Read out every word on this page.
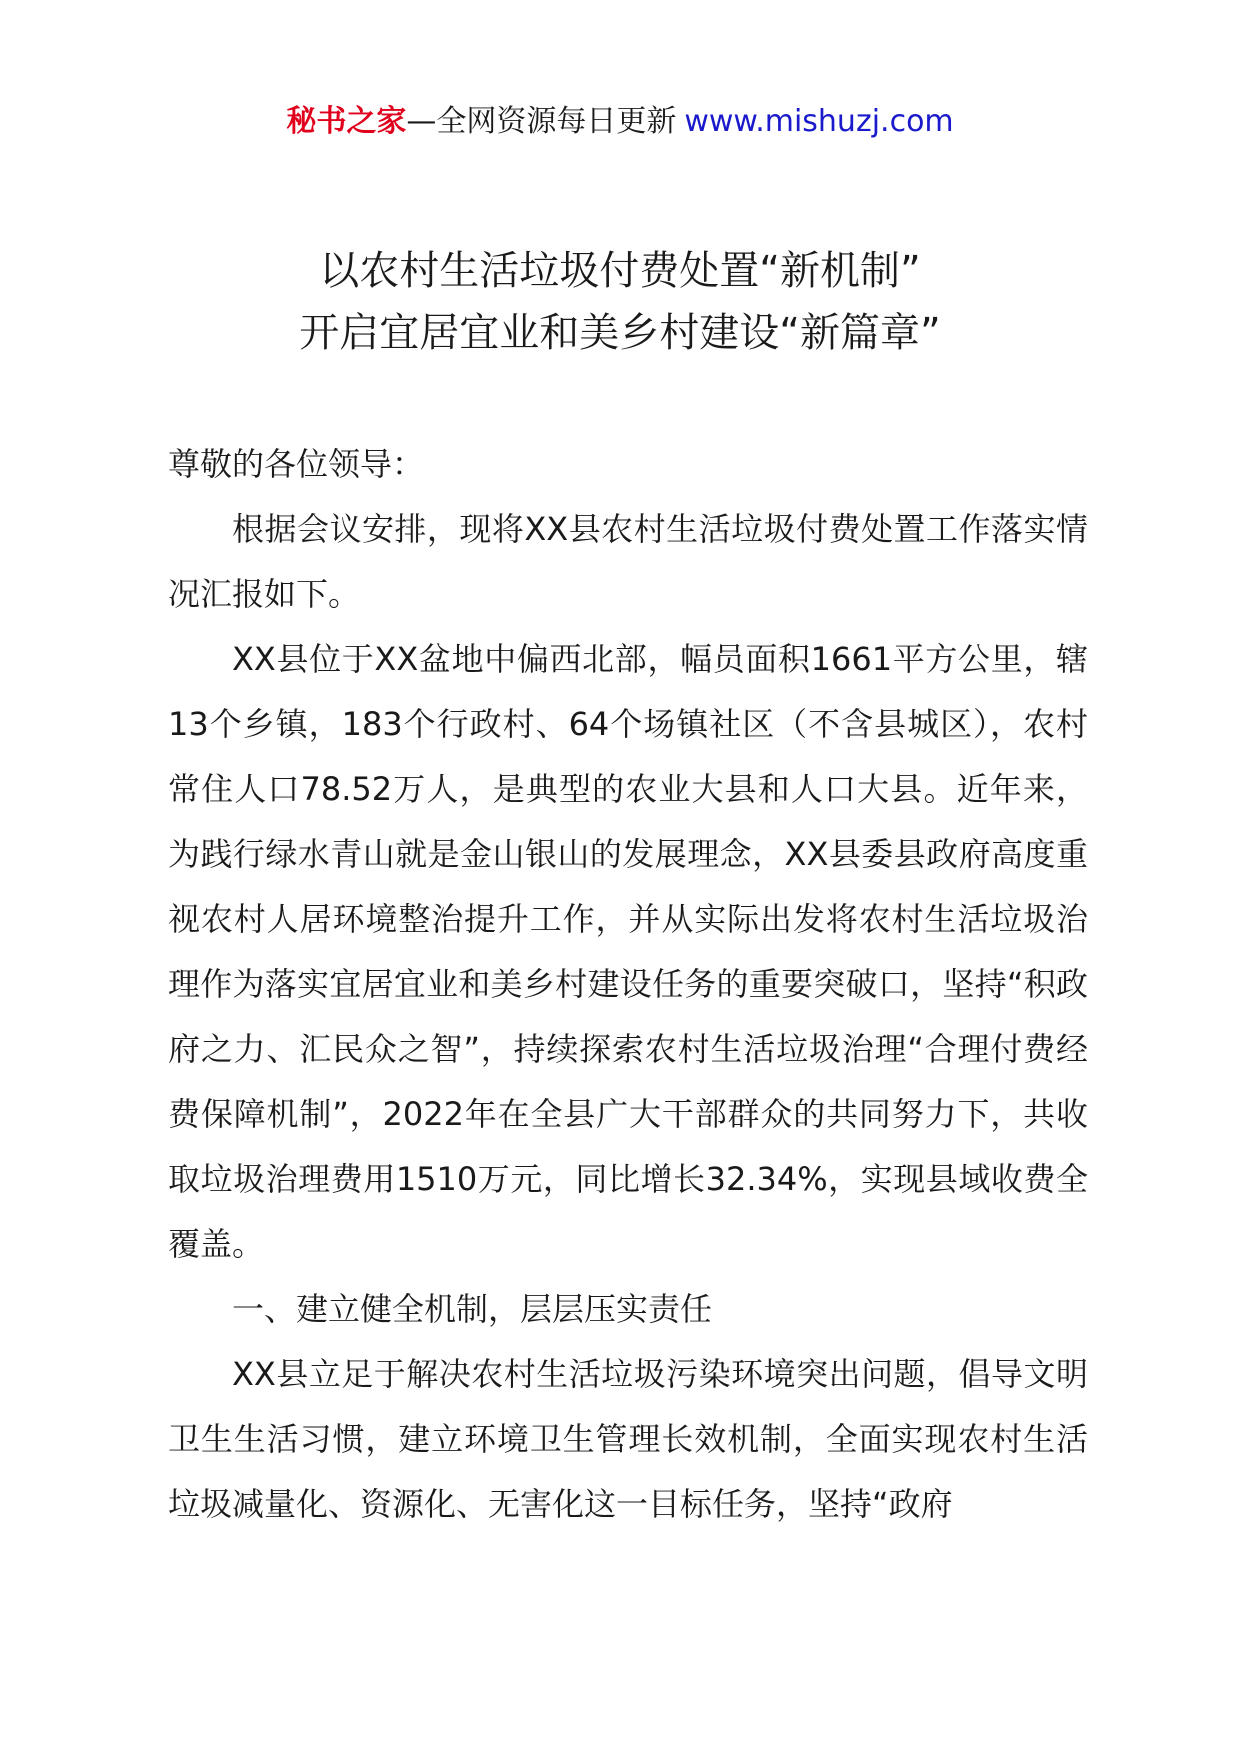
秘书之家—全网资源每日更新 www.mishuzj.com
以农村生活垃圾付费处置“新机制”
开启宜居宜业和美乡村建设“新篇章”

尊敬的各位领导：

根据会议安排，现将XX县农村生活垃圾付费处置工作落实情况汇报如下。

XX县位于XX盆地中偏西北部，幅员面积1661平方公里，辖13个乡镇，183个行政村、64个场镇社区（不含县城区），农村常住人口78.52万人，是典型的农业大县和人口大县。近年来，为践行绿水青山就是金山银山的发展理念，XX县委县政府高度重视农村人居环境整治提升工作，并从实际出发将农村生活垃圾治理作为落实宜居宜业和美乡村建设任务的重要突破口，坚持“积政府之力、汇民众之智”，持续探索农村生活垃圾治理“合理付费经费保障机制”，2022年在全县广大干部群众的共同努力下，共收取垃圾治理费用1510万元，同比增长32.34%，实现县域收费全覆盖。

一、建立健全机制，层层压实责任

XX县立足于解决农村生活垃圾污染环境突出问题，倡导文明卫生生活习惯，建立环境卫生管理长效机制，全面实现农村生活垃圾减量化、资源化、无害化这一目标任务，坚持“政府
